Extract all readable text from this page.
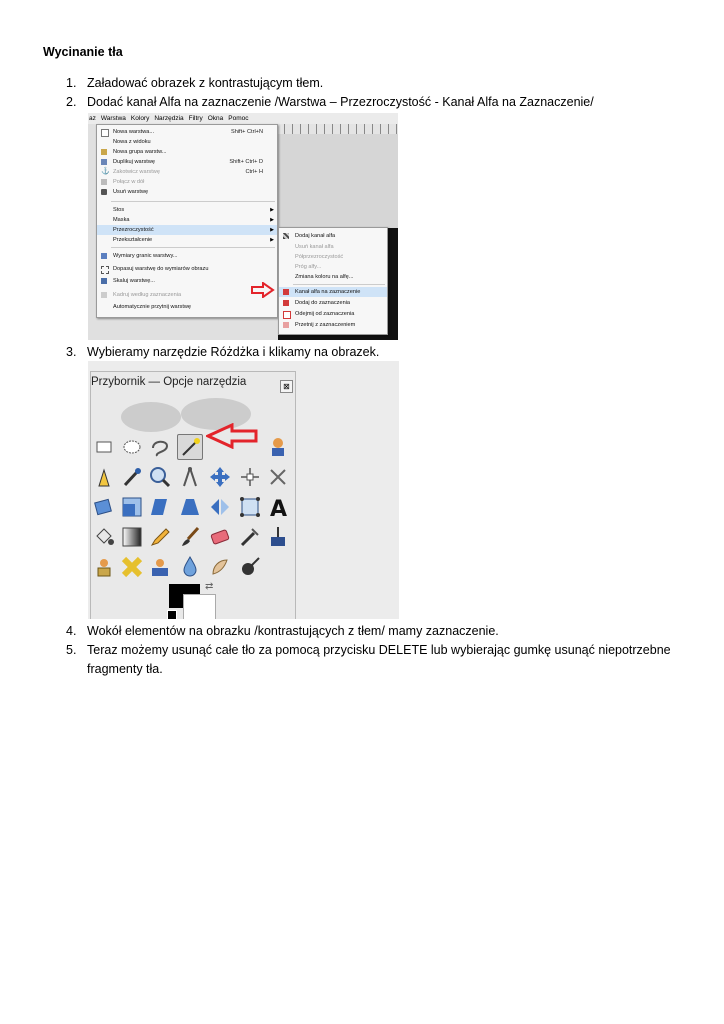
Wycinanie tła
1. Załadować obrazek z kontrastującym tłem.
2. Dodać kanał Alfa na zaznaczenie /Warstwa – Przezroczystość - Kanał Alfa na Zaznaczenie/
az Warstwa Kolory Narzędzia Filtry Okna Pomoc
Nowa warstwa...	Shift+ Ctrl+N
Nowa z widoku
Nowa grupa warstw...
Duplikuj warstwę	Shift+ Ctrl+ D
⚓ Zakotwicz warstwę	Ctrl+ H
Połącz w dół
Usuń warstwę
Stos	▶
Maska	▶
Przezroczystość	▶
Przekształcenie	▶
Wymiary granic warstwy...
Dopasuj warstwę do wymiarów obrazu
Skaluj warstwę...
Kadruj według zaznaczenia
Automatycznie przytnij warstwę
Dodaj kanał alfa
Usuń kanał alfa
Półprzezroczystość
Próg alfy...
Zmiana koloru na alfę...
Kanał alfa na zaznaczenie
Dodaj do zaznaczenia
Odejmij od zaznaczenia
Przetnij z zaznaczeniem
3. Wybieramy narzędzie Różdżka i klikamy na obrazek.
Przybornik — Opcje narzędzia	⊠
A
⇄
4. Wokół elementów na obrazku /kontrastujących z tłem/ mamy zaznaczenie.
5. Teraz możemy usunąć całe tło za pomocą przycisku DELETE lub wybierając gumkę usunąć niepotrzebne
fragmenty tła.
